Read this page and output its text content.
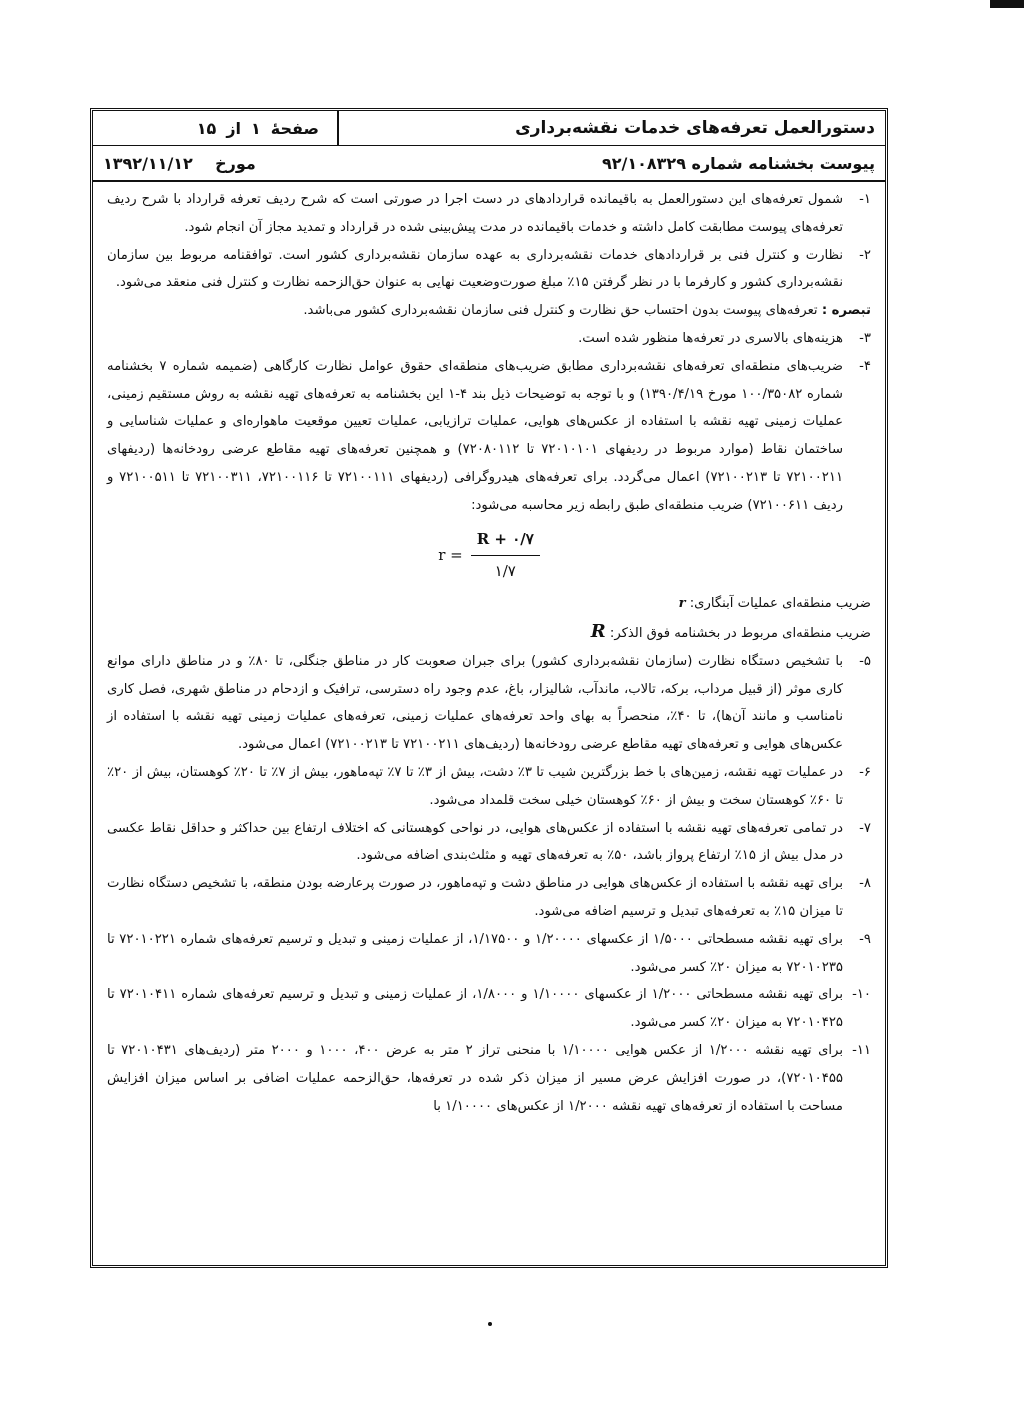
دستورالعمل تعرفه‌های خدمات نقشه‌برداری
صفحهٔ
۱
از
۱۵
پیوست بخشنامه شماره ۹۲/۱۰۸۳۲۹
مورخ    ۱۳۹۲/۱۱/۱۲
۱-
شمول تعرفه‌های این دستورالعمل به باقیمانده قراردادهای در دست اجرا در صورتی است که شرح ردیف تعرفه قرارداد با شرح ردیف تعرفه‌های پیوست مطابقت کامل داشته و خدمات باقیمانده در مدت پیش‌بینی شده در قرارداد و تمدید مجاز آن انجام شود.
۲-
نظارت و کنترل فنی بر قراردادهای خدمات نقشه‌برداری به عهده سازمان نقشه‌برداری کشور است. توافقنامه مربوط بین سازمان نقشه‌برداری کشور و کارفرما با در نظر گرفتن ۱۵٪ مبلغ صورت‌وضعیت نهایی به عنوان حق‌الزحمه نظارت و کنترل فنی منعقد می‌شود.
تبصره : تعرفه‌های پیوست بدون احتساب حق نظارت و کنترل فنی سازمان نقشه‌برداری کشور می‌باشد.
۳-
هزینه‌های بالاسری در تعرفه‌ها منظور شده است.
۴-
ضریب‌های منطقه‌ای تعرفه‌های نقشه‌برداری مطابق ضریب‌های منطقه‌ای حقوق عوامل نظارت کارگاهی (ضمیمه شماره ۷ بخشنامه شماره ۱۰۰/۳۵۰۸۲ مورخ ۱۳۹۰/۴/۱۹) و با توجه به توضیحات ذیل بند ۴-۱ این بخشنامه به تعرفه‌های تهیه نقشه به روش مستقیم زمینی، عملیات زمینی تهیه نقشه با استفاده از عکس‌های هوایی، عملیات ترازیابی، عملیات تعیین موقعیت ماهواره‌ای و عملیات شناسایی و ساختمان نقاط (موارد مربوط در ردیفهای ۷۲۰۱۰۱۰۱ تا ۷۲۰۸۰۱۱۲) و همچنین تعرفه‌های تهیه مقاطع عرضی رودخانه‌ها (ردیفهای ۷۲۱۰۰۲۱۱ تا ۷۲۱۰۰۲۱۳) اعمال می‌گردد. برای تعرفه‌های هیدروگرافی (ردیفهای ۷۲۱۰۰۱۱۱ تا ۷۲۱۰۰۱۱۶، ۷۲۱۰۰۳۱۱ تا ۷۲۱۰۰۵۱۱ و ردیف ۷۲۱۰۰۶۱۱) ضریب منطقه‌ای طبق رابطه زیر محاسبه می‌شود:
$r = \frac{R + ۰/۷}{۱/۷}$
ضریب منطقه‌ای عملیات آبنگاری: r
ضریب منطقه‌ای مربوط در بخشنامه فوق الذکر: R
۵-
با تشخیص دستگاه نظارت (سازمان نقشه‌برداری کشور) برای جبران صعوبت کار در مناطق جنگلی، تا ۸۰٪ و در مناطق دارای موانع کاری موثر (از قبیل مرداب، برکه، تالاب، ماندآب، شالیزار، باغ، عدم وجود راه دسترسی، ترافیک و ازدحام در مناطق شهری، فصل کاری نامناسب و مانند آن‌ها)، تا ۴۰٪، منحصراً به بهای واحد تعرفه‌های عملیات زمینی، تعرفه‌های عملیات زمینی تهیه نقشه با استفاده از عکس‌های هوایی و تعرفه‌های تهیه مقاطع عرضی رودخانه‌ها (ردیف‌های ۷۲۱۰۰۲۱۱ تا ۷۲۱۰۰۲۱۳) اعمال می‌شود.
۶-
در عملیات تهیه نقشه، زمین‌های با خط بزرگترین شیب تا ۳٪ دشت، بیش از ۳٪ تا ۷٪ تپه‌ماهور، بیش از ۷٪ تا ۲۰٪ کوهستان، بیش از ۲۰٪ تا ۶۰٪ کوهستان سخت و بیش از ۶۰٪ کوهستان خیلی سخت قلمداد می‌شود.
۷-
در تمامی تعرفه‌های تهیه نقشه با استفاده از عکس‌های هوایی، در نواحی کوهستانی که اختلاف ارتفاع بین حداکثر و حداقل نقاط عکسی در مدل بیش از ۱۵٪ ارتفاع پرواز باشد، ۵۰٪ به تعرفه‌های تهیه و مثلث‌بندی اضافه می‌شود.
۸-
برای تهیه نقشه با استفاده از عکس‌های هوایی در مناطق دشت و تپه‌ماهور، در صورت پرعارضه بودن منطقه، با تشخیص دستگاه نظارت تا میزان ۱۵٪ به تعرفه‌های تبدیل و ترسیم اضافه می‌شود.
۹-
برای تهیه نقشه مسطحاتی ۱/۵۰۰۰ از عکسهای ۱/۲۰۰۰۰ و ۱/۱۷۵۰۰، از عملیات زمینی و تبدیل و ترسیم تعرفه‌های شماره ۷۲۰۱۰۲۲۱ تا ۷۲۰۱۰۲۳۵ به میزان ۲۰٪ کسر می‌شود.
۱۰-
برای تهیه نقشه مسطحاتی ۱/۲۰۰۰ از عکسهای ۱/۱۰۰۰۰ و ۱/۸۰۰۰، از عملیات زمینی و تبدیل و ترسیم تعرفه‌های شماره ۷۲۰۱۰۴۱۱ تا ۷۲۰۱۰۴۲۵ به میزان ۲۰٪ کسر می‌شود.
۱۱-
برای تهیه نقشه ۱/۲۰۰۰ از عکس هوایی ۱/۱۰۰۰۰ با منحنی تراز ۲ متر به عرض ۴۰۰، ۱۰۰۰ و ۲۰۰۰ متر (ردیف‌های ۷۲۰۱۰۴۳۱ تا ۷۲۰۱۰۴۵۵)، در صورت افزایش عرض مسیر از میزان ذکر شده در تعرفه‌ها، حق‌الزحمه عملیات اضافی بر اساس میزان افزایش مساحت با استفاده از تعرفه‌های تهیه نقشه ۱/۲۰۰۰ از عکس‌های ۱/۱۰۰۰۰ با
